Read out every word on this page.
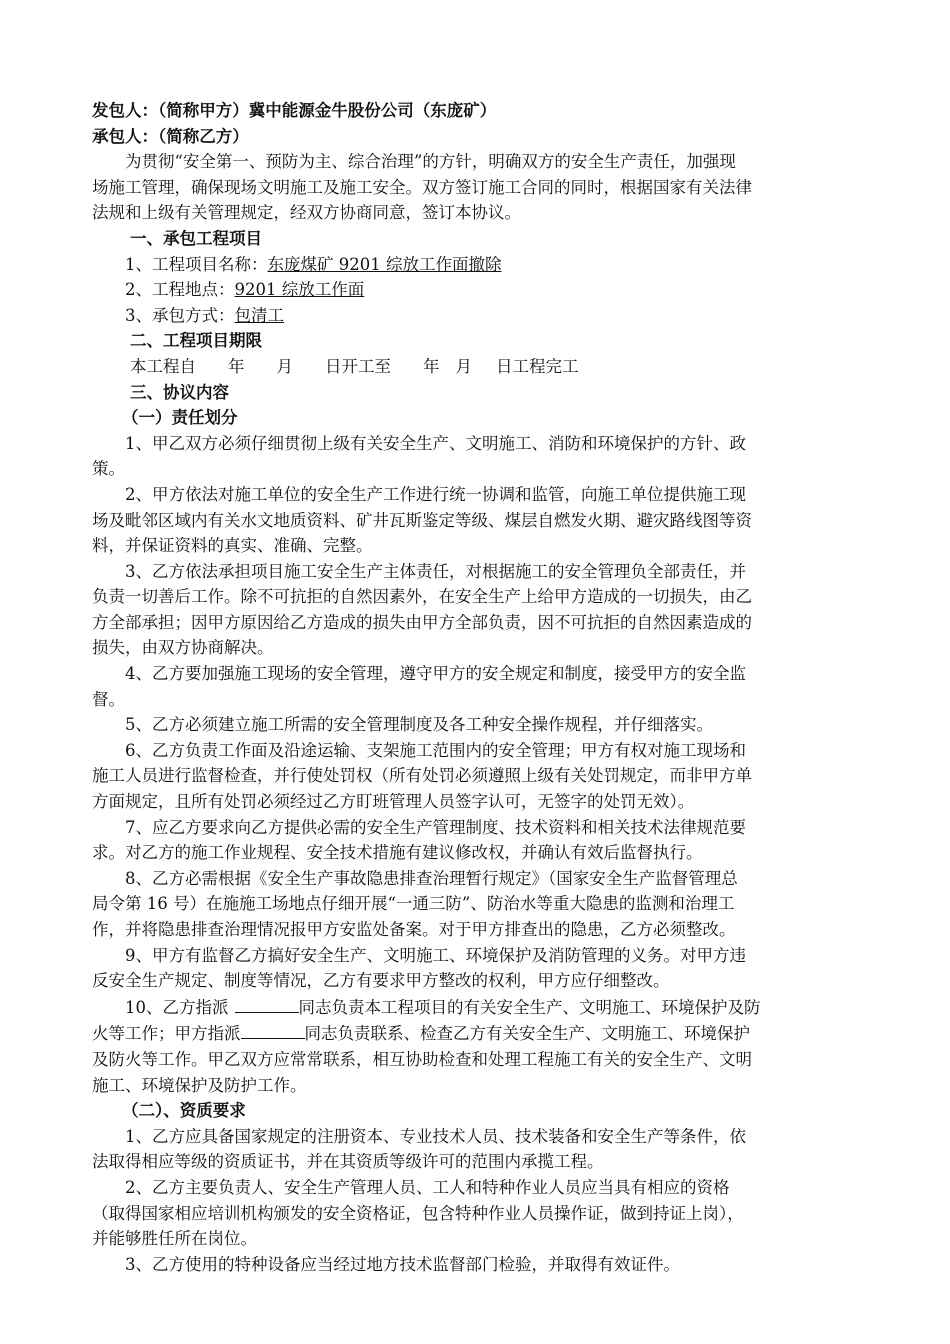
发包人：（简称甲方）冀中能源金牛股份公司（东庞矿）
承包人：（简称乙方）
为贯彻“安全第一、预防为主、综合治理”的方针，明确双方的安全生产责任，加强现
场施工管理，确保现场文明施工及施工安全。双方签订施工合同的同时，根据国家有关法律
法规和上级有关管理规定，经双方协商同意，签订本协议。
一、承包工程项目
1、工程项目名称：东庞煤矿 9201 综放工作面撤除
2、工程地点：9201 综放工作面
3、承包方式：包清工
二、工程项目期限
本工程自 年 月 日开工至 年 月 日工程完工
三、协议内容
（一）责任划分
1、甲乙双方必须仔细贯彻上级有关安全生产、文明施工、消防和环境保护的方针、政
策。
2、甲方依法对施工单位的安全生产工作进行统一协调和监管，向施工单位提供施工现
场及毗邻区域内有关水文地质资料、矿井瓦斯鉴定等级、煤层自燃发火期、避灾路线图等资
料，并保证资料的真实、准确、完整。
3、乙方依法承担项目施工安全生产主体责任，对根据施工的安全管理负全部责任，并
负责一切善后工作。除不可抗拒的自然因素外，在安全生产上给甲方造成的一切损失，由乙
方全部承担；因甲方原因给乙方造成的损失由甲方全部负责，因不可抗拒的自然因素造成的
损失，由双方协商解决。
4、乙方要加强施工现场的安全管理，遵守甲方的安全规定和制度，接受甲方的安全监
督。
5、乙方必须建立施工所需的安全管理制度及各工种安全操作规程，并仔细落实。
6、乙方负责工作面及沿途运输、支架施工范围内的安全管理；甲方有权对施工现场和
施工人员进行监督检查，并行使处罚权（所有处罚必须遵照上级有关处罚规定，而非甲方单
方面规定，且所有处罚必须经过乙方盯班管理人员签字认可，无签字的处罚无效）。
7、应乙方要求向乙方提供必需的安全生产管理制度、技术资料和相关技术法律规范要
求。对乙方的施工作业规程、安全技术措施有建议修改权，并确认有效后监督执行。
8、乙方必需根据《安全生产事故隐患排查治理暂行规定》（国家安全生产监督管理总
局令第 16 号）在施施工场地点仔细开展“一通三防”、防治水等重大隐患的监测和治理工
作，并将隐患排查治理情况报甲方安监处备案。对于甲方排查出的隐患，乙方必须整改。
9、甲方有监督乙方搞好安全生产、文明施工、环境保护及消防管理的义务。对甲方违
反安全生产规定、制度等情况，乙方有要求甲方整改的权利，甲方应仔细整改。
10、乙方指派	同志负责本工程项目的有关安全生产、文明施工、环境保护及防
火等工作；甲方指派	同志负责联系、检查乙方有关安全生产、文明施工、环境保护
及防火等工作。甲乙双方应常常联系，相互协助检查和处理工程施工有关的安全生产、文明
施工、环境保护及防护工作。
（二）、资质要求
1、乙方应具备国家规定的注册资本、专业技术人员、技术装备和安全生产等条件，依
法取得相应等级的资质证书，并在其资质等级许可的范围内承揽工程。
2、乙方主要负责人、安全生产管理人员、工人和特种作业人员应当具有相应的资格
（取得国家相应培训机构颁发的安全资格证，包含特种作业人员操作证，做到持证上岗），
并能够胜任所在岗位。
3、乙方使用的特种设备应当经过地方技术监督部门检验，并取得有效证件。
